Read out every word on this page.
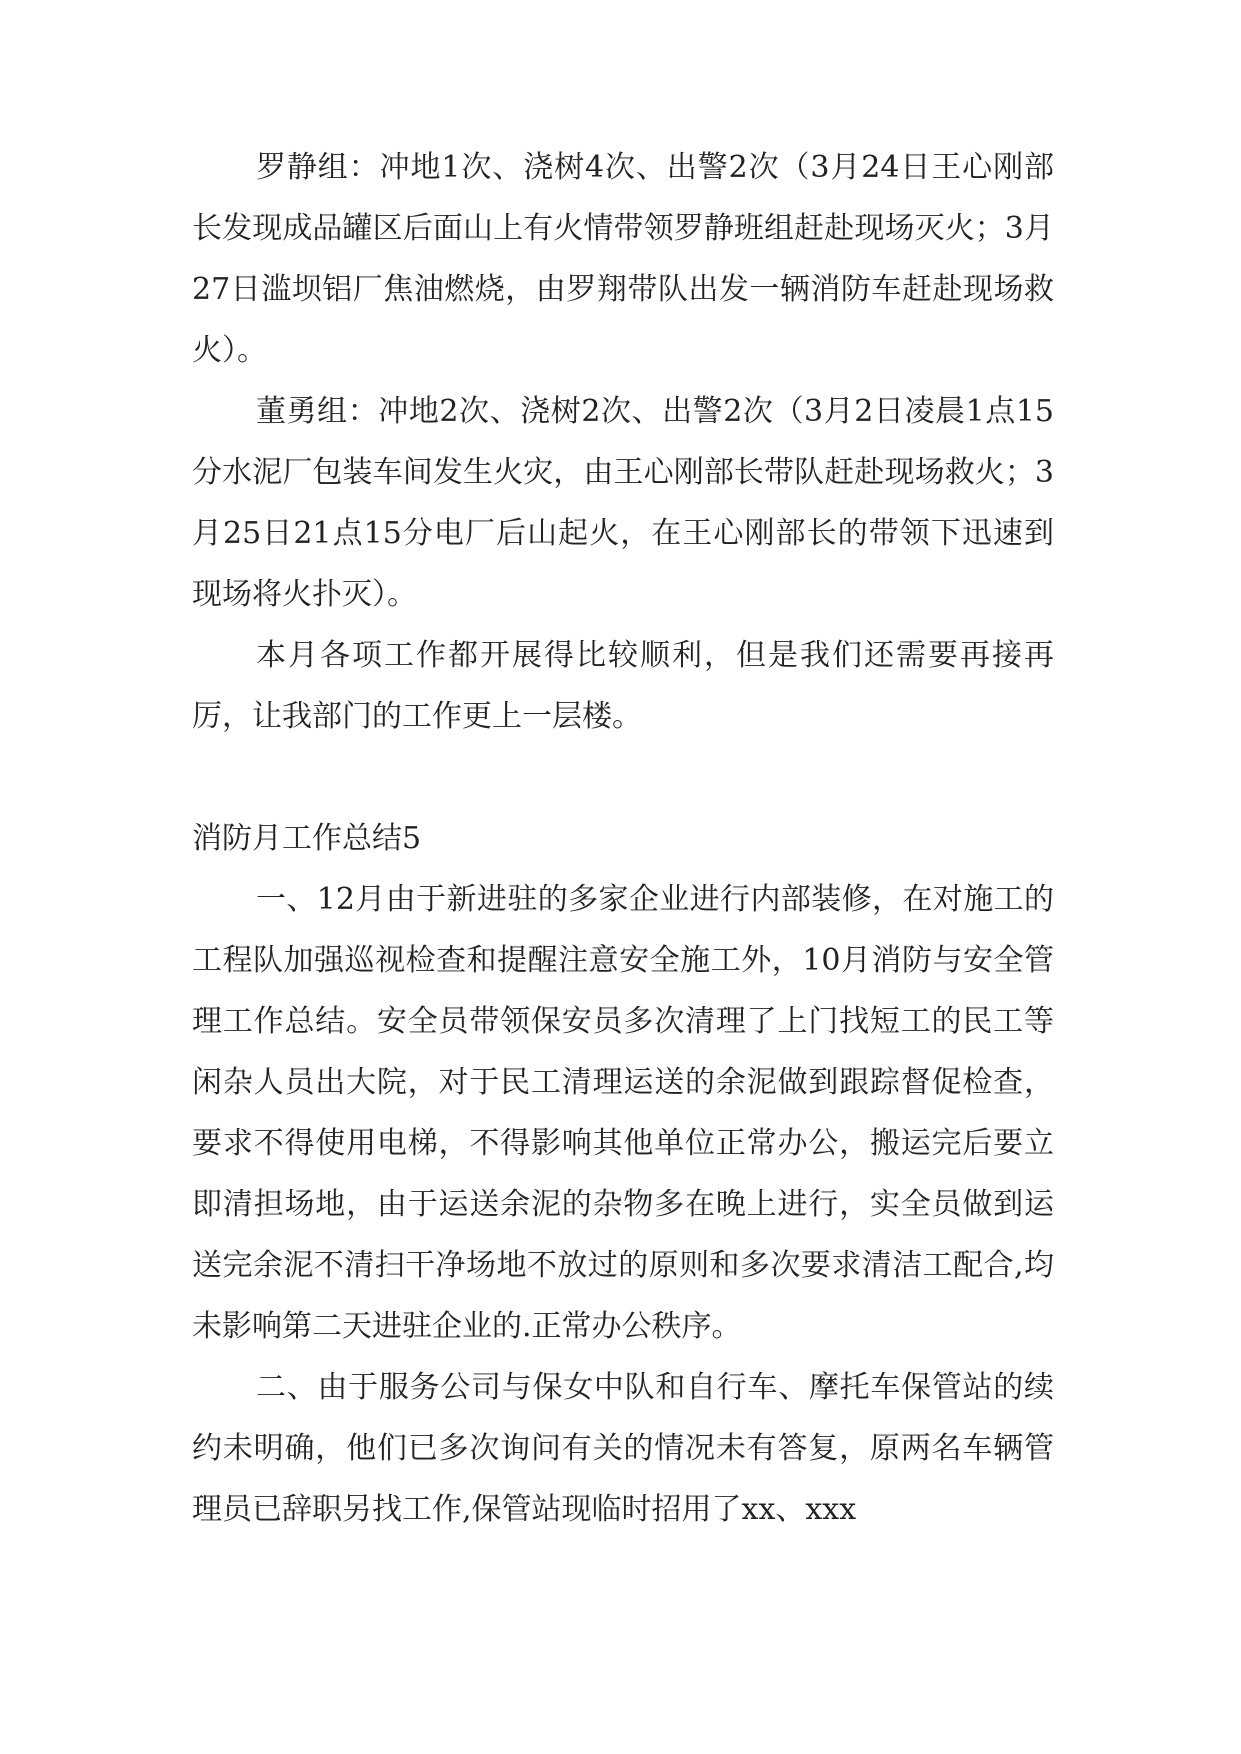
罗静组：冲地1次、浇树4次、出警2次（3月24日王心刚部长发现成品罐区后面山上有火情带领罗静班组赶赴现场灭火；3月27日滥坝铝厂焦油燃烧，由罗翔带队出发一辆消防车赶赴现场救火）。

董勇组：冲地2次、浇树2次、出警2次（3月2日凌晨1点15分水泥厂包装车间发生火灾，由王心刚部长带队赶赴现场救火；3月25日21点15分电厂后山起火，在王心刚部长的带领下迅速到现场将火扑灭）。

本月各项工作都开展得比较顺利，但是我们还需要再接再厉，让我部门的工作更上一层楼。

消防月工作总结5

一、12月由于新进驻的多家企业进行内部装修，在对施工的工程队加强巡视检查和提醒注意安全施工外，10月消防与安全管理工作总结。安全员带领保安员多次清理了上门找短工的民工等闲杂人员出大院，对于民工清理运送的余泥做到跟踪督促检查，要求不得使用电梯，不得影响其他单位正常办公，搬运完后要立即清担场地，由于运送余泥的杂物多在晚上进行，实全员做到运送完余泥不清扫干净场地不放过的原则和多次要求清洁工配合,均未影响第二天进驻企业的.正常办公秩序。

二、由于服务公司与保女中队和自行车、摩托车保管站的续约未明确，他们已多次询问有关的情况未有答复，原两名车辆管理员已辞职另找工作,保管站现临时招用了xx、xxx
